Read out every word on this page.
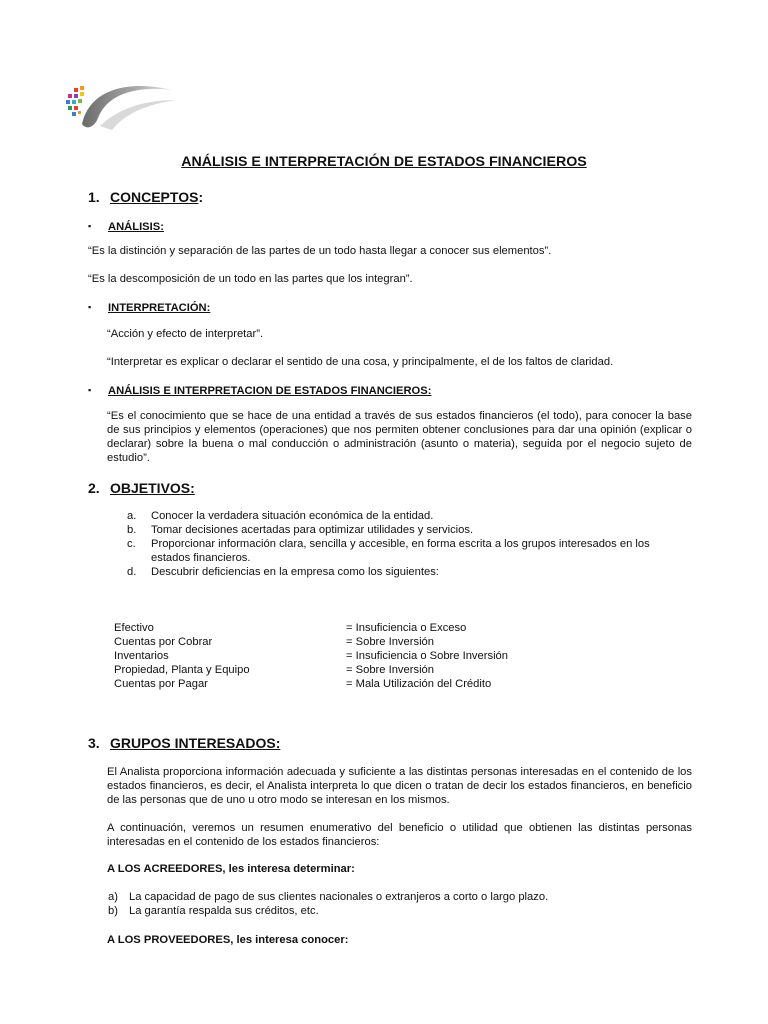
ANÁLISIS E INTERPRETACIÓN DE ESTADOS FINANCIEROS
1. CONCEPTOS:
▪ ANÁLISIS:
“Es la distinción y separación de las partes de un todo hasta llegar a conocer sus elementos”.
“Es la descomposición de un todo en las partes que los integran”.
▪ INTERPRETACIÓN:
“Acción y efecto de interpretar”.
“Interpretar es explicar o declarar el sentido de una cosa, y principalmente, el de los faltos de claridad.
▪ ANÁLISIS E INTERPRETACION DE ESTADOS FINANCIEROS:
“Es el conocimiento que se hace de una entidad a través de sus estados financieros (el todo), para conocer la base de sus principios y elementos (operaciones) que nos permiten obtener conclusiones para dar una opinión (explicar o declarar) sobre la buena o mal conducción o administración (asunto o materia), seguida por el negocio sujeto de estudio”.
2. OBJETIVOS:
a. Conocer la verdadera situación económica de la entidad.
b. Tomar decisiones acertadas para optimizar utilidades y servicios.
c. Proporcionar información clara, sencilla y accesible, en forma escrita a los grupos interesados en los
estados financieros.
d. Descubrir deficiencias en la empresa como los siguientes:
Efectivo	= Insuficiencia o Exceso
Cuentas por Cobrar	= Sobre Inversión
Inventarios	= Insuficiencia o Sobre Inversión
Propiedad, Planta y Equipo	= Sobre Inversión
Cuentas por Pagar	= Mala Utilización del Crédito
3. GRUPOS INTERESADOS:
El Analista proporciona información adecuada y suficiente a las distintas personas interesadas en el contenido de los estados financieros, es decir, el Analista interpreta lo que dicen o tratan de decir los estados financieros, en beneficio de las personas que de uno u otro modo se interesan en los mismos.
A continuación, veremos un resumen enumerativo del beneficio o utilidad que obtienen las distintas personas interesadas en el contenido de los estados financieros:
A LOS ACREEDORES, les interesa determinar:
a) La capacidad de pago de sus clientes nacionales o extranjeros a corto o largo plazo.
b) La garantía respalda sus créditos, etc.
A LOS PROVEEDORES, les interesa conocer:
